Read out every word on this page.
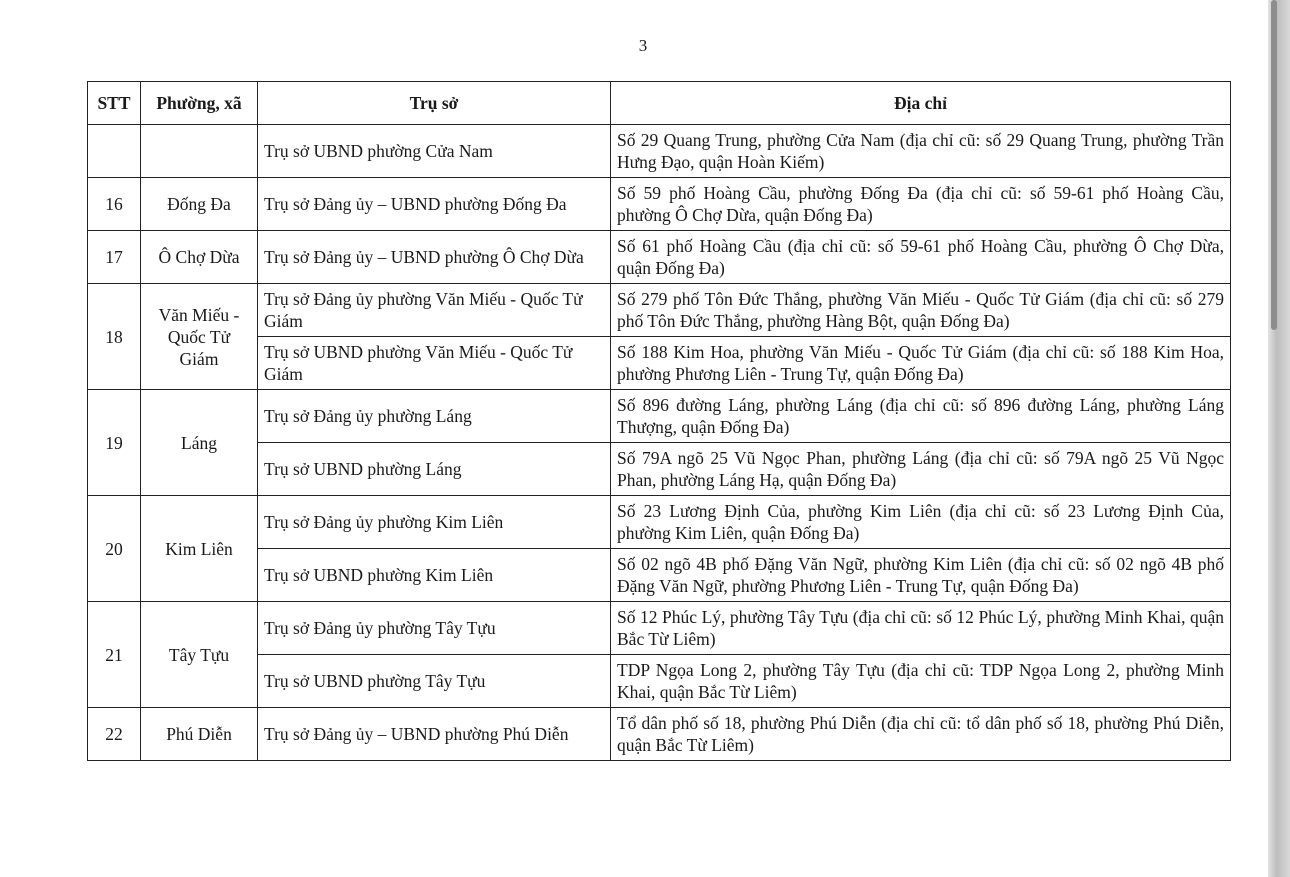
3
STT	Phường, xã	Trụ sở	Địa chỉ
		Trụ sở UBND phường Cửa Nam	Số 29 Quang Trung, phường Cửa Nam (địa chỉ cũ: số 29 Quang Trung, phường Trần Hưng Đạo, quận Hoàn Kiếm)
16	Đống Đa	Trụ sở Đảng ủy – UBND phường Đống Đa	Số 59 phố Hoàng Cầu, phường Đống Đa (địa chỉ cũ: số 59-61 phố Hoàng Cầu, phường Ô Chợ Dừa, quận Đống Đa)
17	Ô Chợ Dừa	Trụ sở Đảng ủy – UBND phường Ô Chợ Dừa	Số 61 phố Hoàng Cầu (địa chỉ cũ: số 59-61 phố Hoàng Cầu, phường Ô Chợ Dừa, quận Đống Đa)
18	Văn Miếu - Quốc Tử Giám	Trụ sở Đảng ủy phường Văn Miếu - Quốc Tử Giám	Số 279 phố Tôn Đức Thắng, phường Văn Miếu - Quốc Tử Giám (địa chỉ cũ: số 279 phố Tôn Đức Thắng, phường Hàng Bột, quận Đống Đa)
		Trụ sở UBND phường Văn Miếu - Quốc Tử Giám	Số 188 Kim Hoa, phường Văn Miếu - Quốc Tử Giám (địa chỉ cũ: số 188 Kim Hoa, phường Phương Liên - Trung Tự, quận Đống Đa)
19	Láng	Trụ sở Đảng ủy phường Láng	Số 896 đường Láng, phường Láng (địa chỉ cũ: số 896 đường Láng, phường Láng Thượng, quận Đống Đa)
		Trụ sở UBND phường Láng	Số 79A ngõ 25 Vũ Ngọc Phan, phường Láng (địa chỉ cũ: số 79A ngõ 25 Vũ Ngọc Phan, phường Láng Hạ, quận Đống Đa)
20	Kim Liên	Trụ sở Đảng ủy phường Kim Liên	Số 23 Lương Định Của, phường Kim Liên (địa chỉ cũ: số 23 Lương Định Của, phường Kim Liên, quận Đống Đa)
		Trụ sở UBND phường Kim Liên	Số 02 ngõ 4B phố Đặng Văn Ngữ, phường Kim Liên (địa chỉ cũ: số 02 ngõ 4B phố Đặng Văn Ngữ, phường Phương Liên - Trung Tự, quận Đống Đa)
21	Tây Tựu	Trụ sở Đảng ủy phường Tây Tựu	Số 12 Phúc Lý, phường Tây Tựu (địa chỉ cũ: số 12 Phúc Lý, phường Minh Khai, quận Bắc Từ Liêm)
		Trụ sở UBND phường Tây Tựu	TDP Ngọa Long 2, phường Tây Tựu (địa chỉ cũ: TDP Ngọa Long 2, phường Minh Khai, quận Bắc Từ Liêm)
22	Phú Diễn	Trụ sở Đảng ủy – UBND phường Phú Diễn	Tổ dân phố số 18, phường Phú Diễn (địa chỉ cũ: tổ dân phố số 18, phường Phú Diễn, quận Bắc Từ Liêm)
